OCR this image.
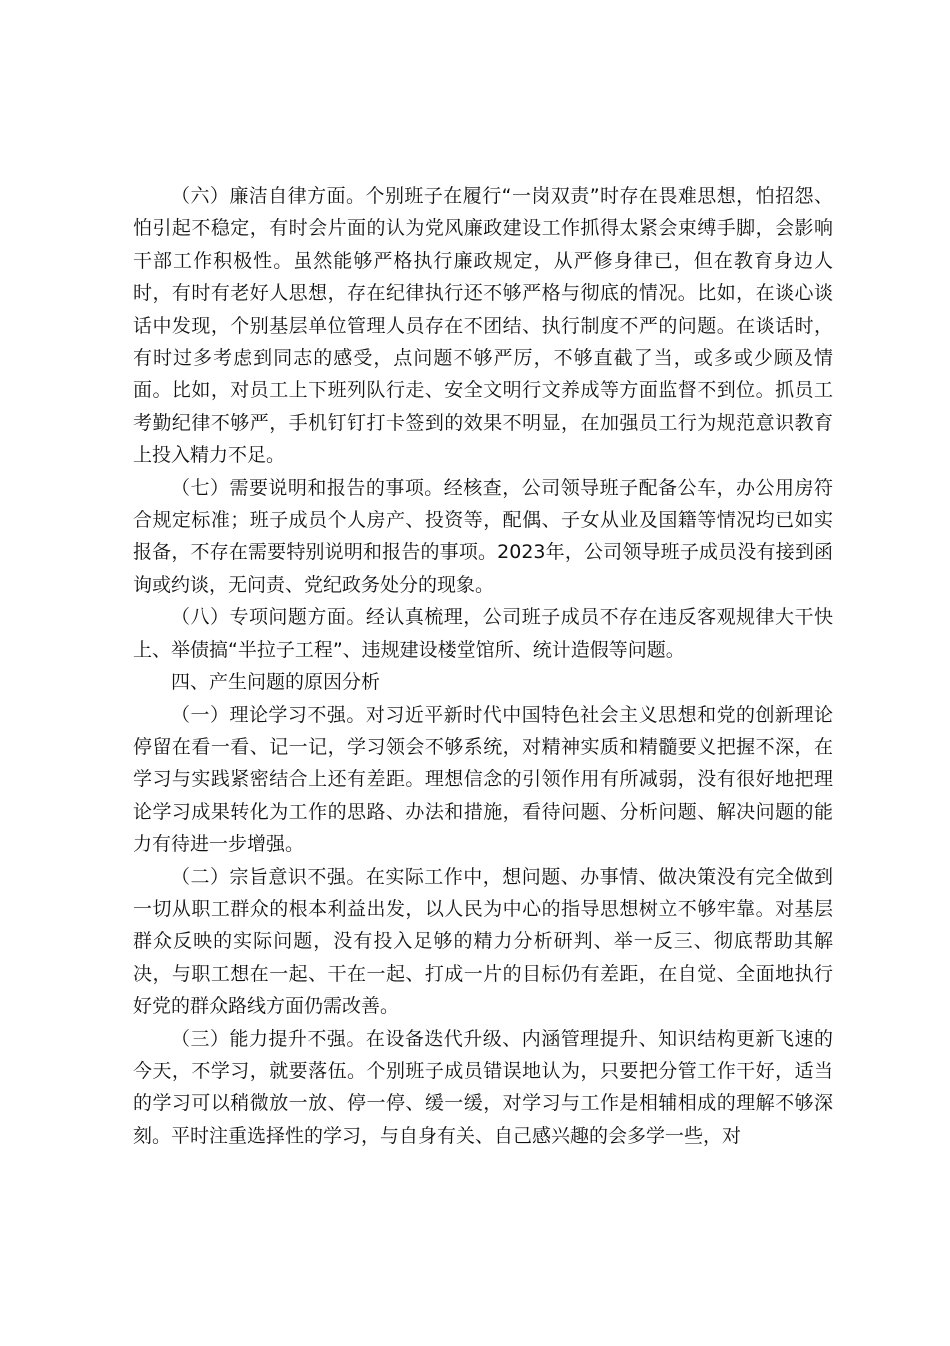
（六）廉洁自律方面。个别班子在履行“一岗双责”时存在畏难思想，怕招怨、怕引起不稳定，有时会片面的认为党风廉政建设工作抓得太紧会束缚手脚，会影响干部工作积极性。虽然能够严格执行廉政规定，从严修身律已，但在教育身边人时，有时有老好人思想，存在纪律执行还不够严格与彻底的情况。比如，在谈心谈话中发现，个别基层单位管理人员存在不团结、执行制度不严的问题。在谈话时，有时过多考虑到同志的感受，点问题不够严厉，不够直截了当，或多或少顾及情面。比如，对员工上下班列队行走、安全文明行文养成等方面监督不到位。抓员工考勤纪律不够严，手机钉钉打卡签到的效果不明显，在加强员工行为规范意识教育上投入精力不足。

（七）需要说明和报告的事项。经核查，公司领导班子配备公车，办公用房符合规定标准；班子成员个人房产、投资等，配偶、子女从业及国籍等情况均已如实报备，不存在需要特别说明和报告的事项。2023年，公司领导班子成员没有接到函询或约谈，无问责、党纪政务处分的现象。

（八）专项问题方面。经认真梳理，公司班子成员不存在违反客观规律大干快上、举债搞“半拉子工程”、违规建设楼堂馆所、统计造假等问题。

四、产生问题的原因分析

（一）理论学习不强。对习近平新时代中国特色社会主义思想和党的创新理论停留在看一看、记一记，学习领会不够系统，对精神实质和精髓要义把握不深，在学习与实践紧密结合上还有差距。理想信念的引领作用有所减弱，没有很好地把理论学习成果转化为工作的思路、办法和措施，看待问题、分析问题、解决问题的能力有待进一步增强。

（二）宗旨意识不强。在实际工作中，想问题、办事情、做决策没有完全做到一切从职工群众的根本利益出发，以人民为中心的指导思想树立不够牢靠。对基层群众反映的实际问题，没有投入足够的精力分析研判、举一反三、彻底帮助其解决，与职工想在一起、干在一起、打成一片的目标仍有差距，在自觉、全面地执行好党的群众路线方面仍需改善。

（三）能力提升不强。在设备迭代升级、内涵管理提升、知识结构更新飞速的今天，不学习，就要落伍。个别班子成员错误地认为，只要把分管工作干好，适当的学习可以稍微放一放、停一停、缓一缓，对学习与工作是相辅相成的理解不够深刻。平时注重选择性的学习，与自身有关、自己感兴趣的会多学一些，对
